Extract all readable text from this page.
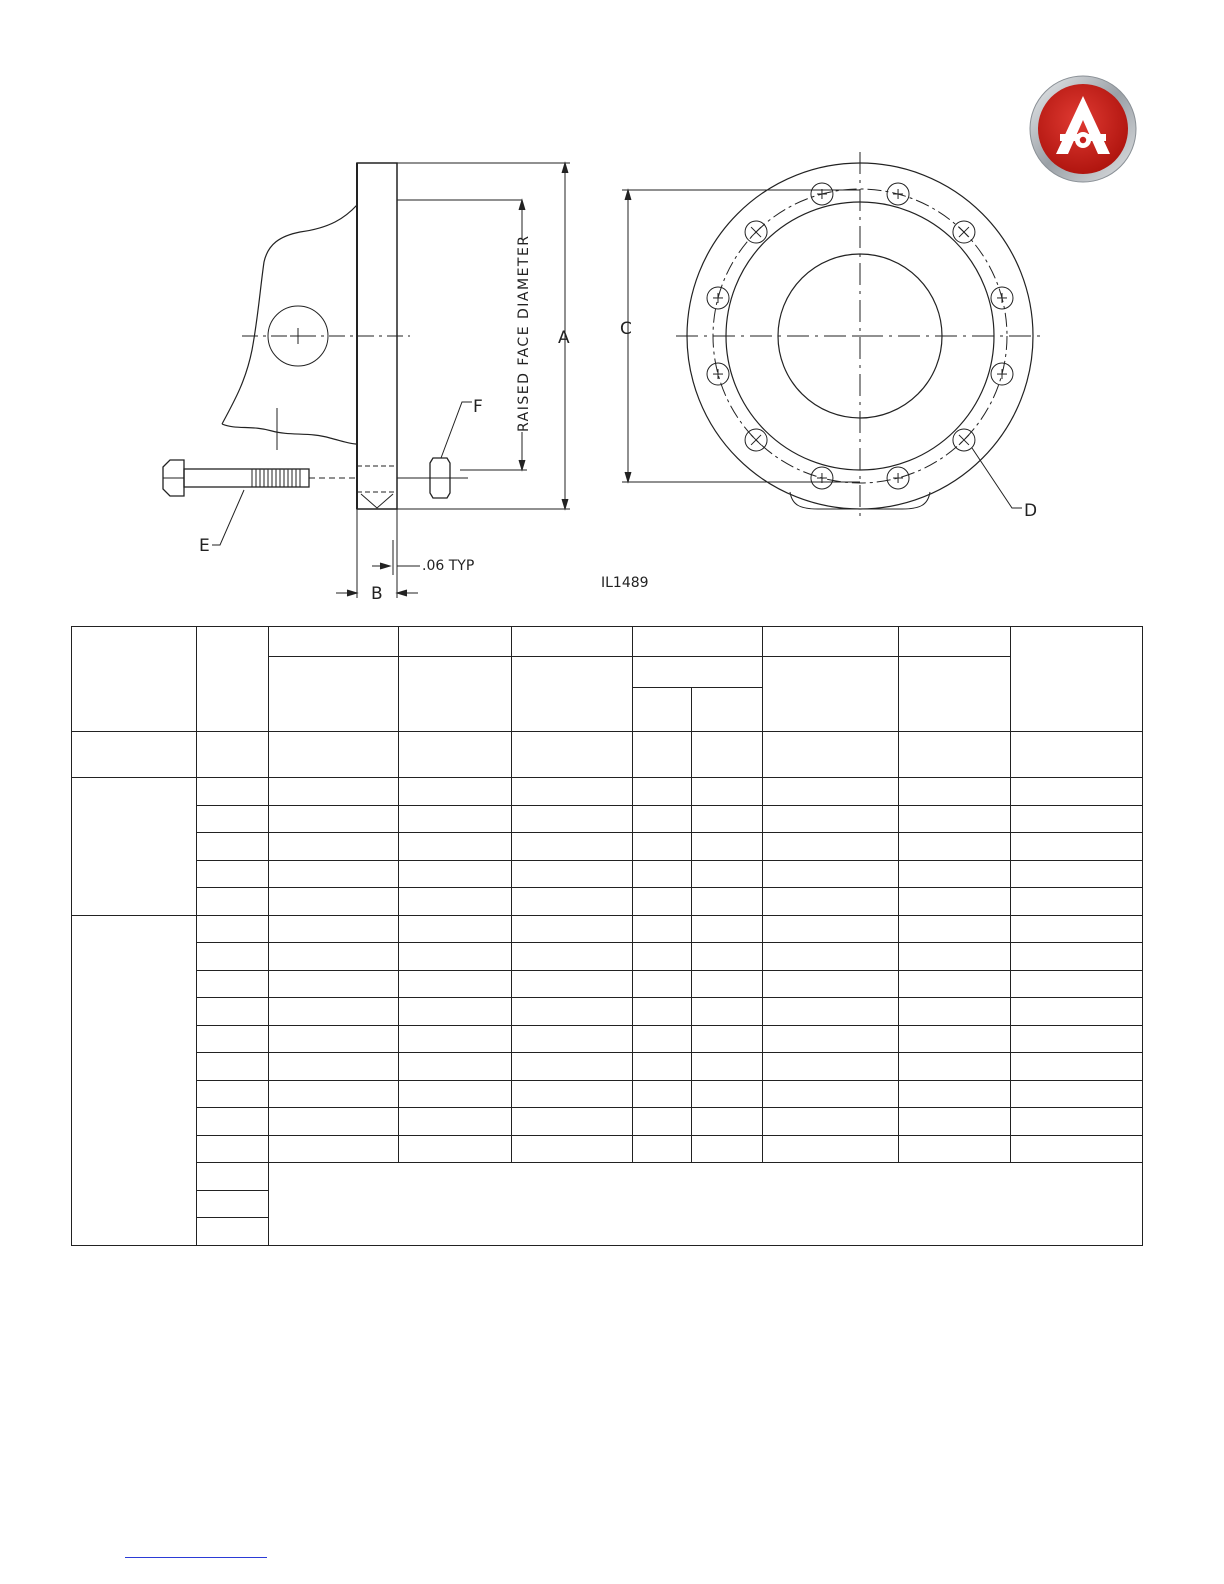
A	C
D
E
F
B
.06 TYP
IL1489
RAISED FACE DIAMETER
